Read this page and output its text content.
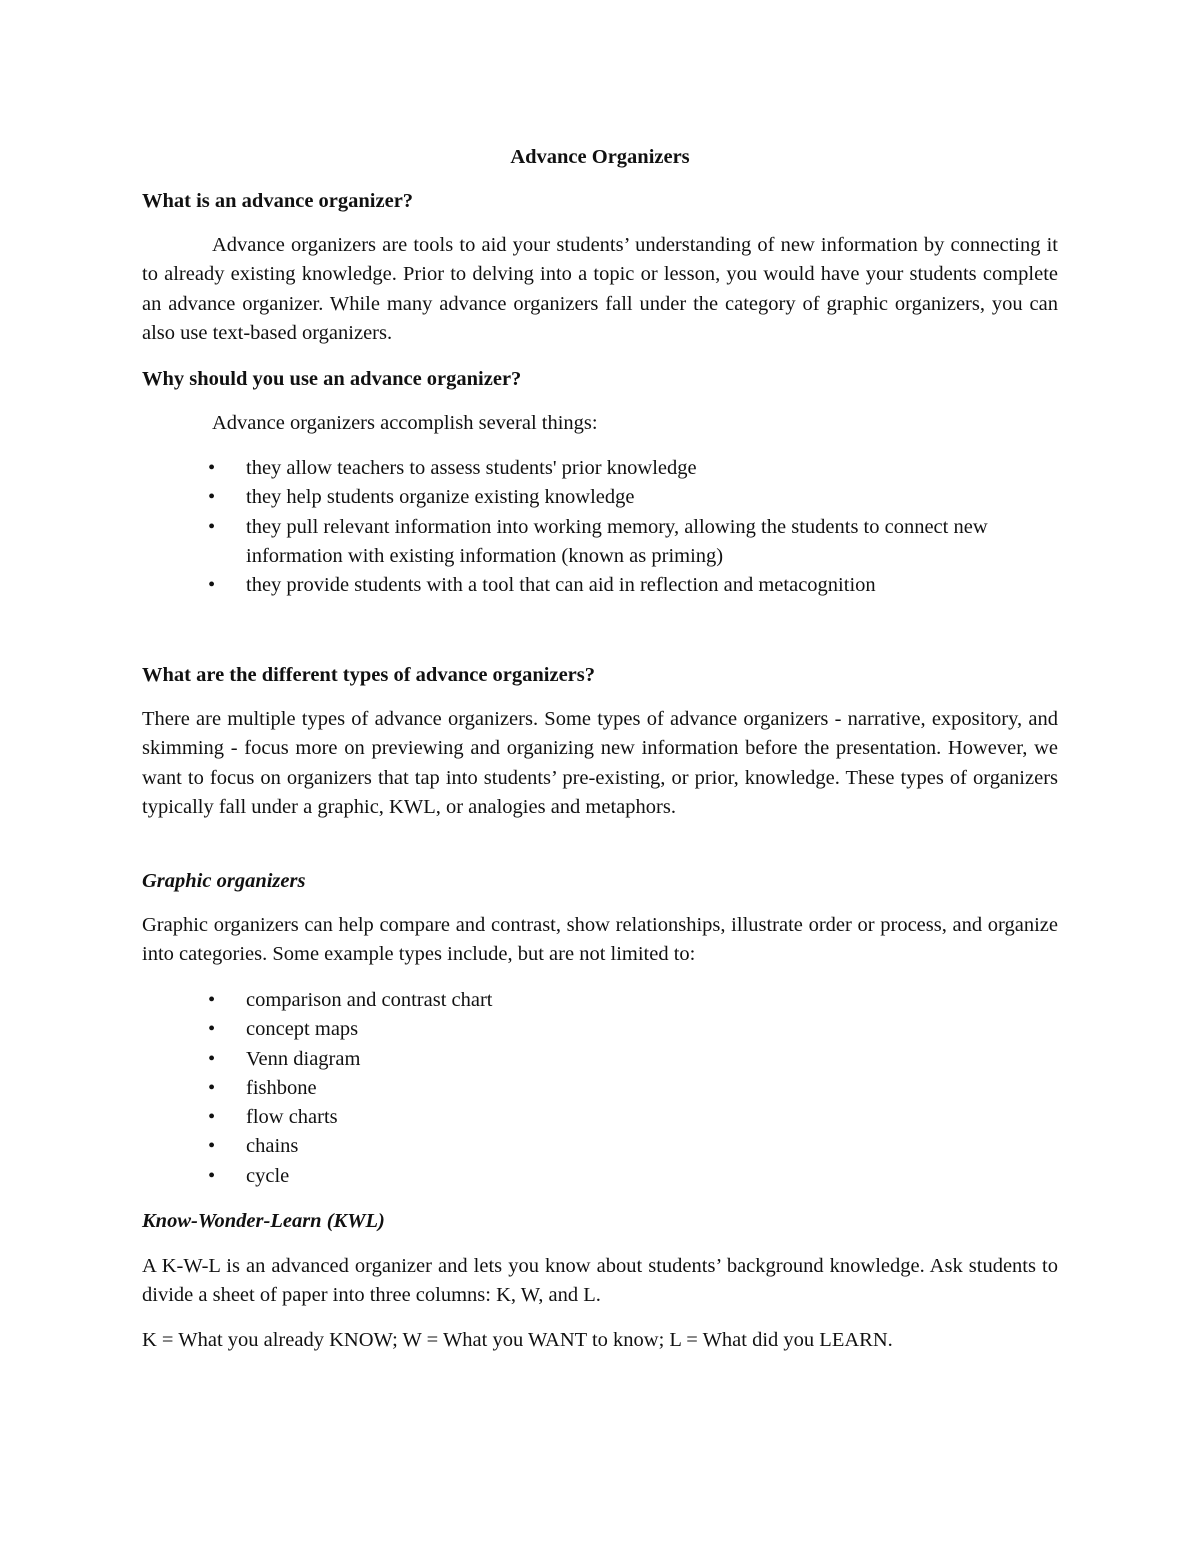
Advance Organizers
What is an advance organizer?

Advance organizers are tools to aid your students’ understanding of new information by connecting it to already existing knowledge. Prior to delving into a topic or lesson, you would have your students complete an advance organizer. While many advance organizers fall under the category of graphic organizers, you can also use text-based organizers.

Why should you use an advance organizer?

Advance organizers accomplish several things:

• they allow teachers to assess students' prior knowledge
• they help students organize existing knowledge
• they pull relevant information into working memory, allowing the students to connect new information with existing information (known as priming)
• they provide students with a tool that can aid in reflection and metacognition
What are the different types of advance organizers?

There are multiple types of advance organizers. Some types of advance organizers - narrative, expository, and skimming - focus more on previewing and organizing new information before the presentation. However, we want to focus on organizers that tap into students’ pre-existing, or prior, knowledge. These types of organizers typically fall under a graphic, KWL, or analogies and metaphors.

Graphic organizers

Graphic organizers can help compare and contrast, show relationships, illustrate order or process, and organize into categories. Some example types include, but are not limited to:

• comparison and contrast chart
• concept maps
• Venn diagram
• fishbone
• flow charts
• chains
• cycle
Know-Wonder-Learn (KWL)

A K-W-L is an advanced organizer and lets you know about students’ background knowledge. Ask students to divide a sheet of paper into three columns: K, W, and L.

K = What you already KNOW; W = What you WANT to know; L = What did you LEARN.
